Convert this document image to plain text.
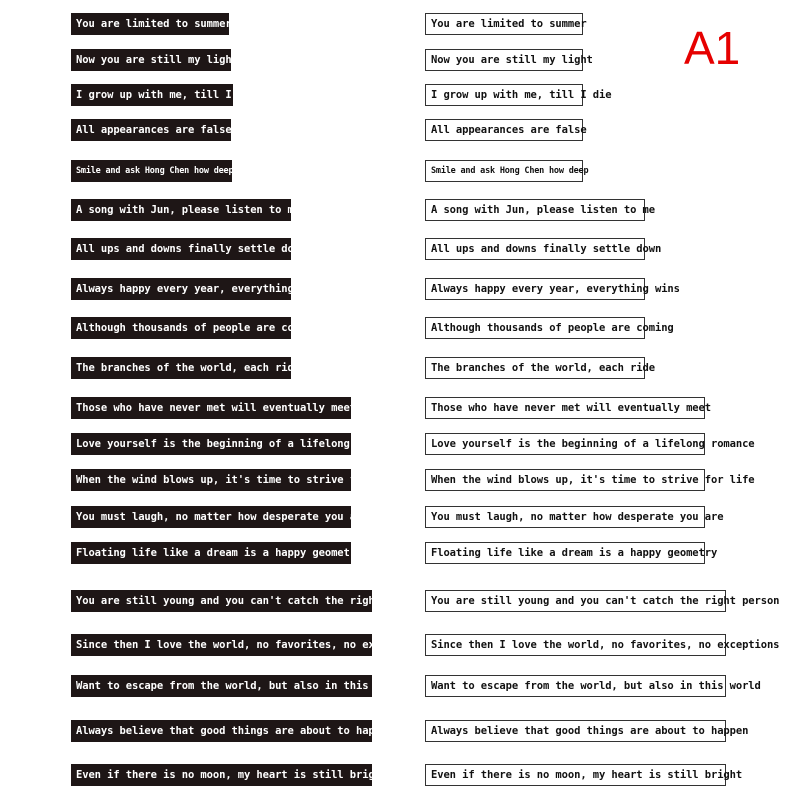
A1
You are limited to summer
Now you are still my light
I grow up with me, till I die
All appearances are false
Smile and ask Hong Chen how deep
A song with Jun, please listen to me
All ups and downs finally settle down
Always happy every year, everything wins
Although thousands of people are coming
The branches of the world, each ride
Those who have never met will eventually meet
Love yourself is the beginning of a lifelong romance
When the wind blows up, it's time to strive for life
You must laugh, no matter how desperate you are
Floating life like a dream is a happy geometry
You are still young and you can't catch the right person
Since then I love the world, no favorites, no exceptions
Want to escape from the world, but also in this world
Always believe that good things are about to happen
Even if there is no moon, my heart is still bright
You are limited to summer
Now you are still my light
I grow up with me, till I die
All appearances are false
Smile and ask Hong Chen how deep
A song with Jun, please listen to me
All ups and downs finally settle down
Always happy every year, everything wins
Although thousands of people are coming
The branches of the world, each ride
Those who have never met will eventually meet
Love yourself is the beginning of a lifelong romance
When the wind blows up, it's time to strive for life
You must laugh, no matter how desperate you are
Floating life like a dream is a happy geometry
You are still young and you can't catch the right person
Since then I love the world, no favorites, no exceptions
Want to escape from the world, but also in this world
Always believe that good things are about to happen
Even if there is no moon, my heart is still bright
